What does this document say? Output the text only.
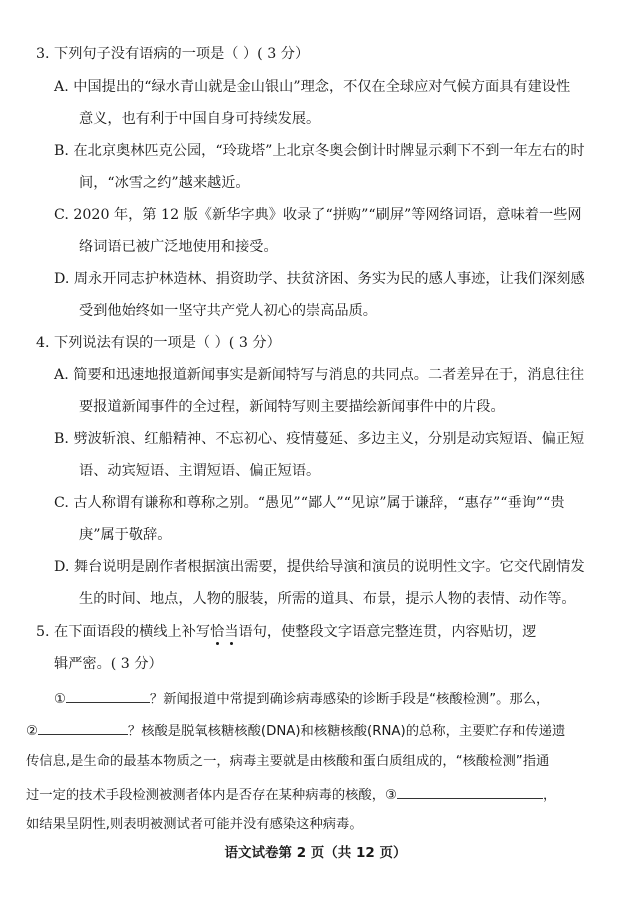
3. 下列句子没有语病的一项是（ ）( 3 分）
A. 中国提出的“绿水青山就是金山银山”理念，不仅在全球应对气候方面具有建设性
意义，也有利于中国自身可持续发展。
B. 在北京奥林匹克公园，“玲珑塔”上北京冬奥会倒计时牌显示剩下不到一年左右的时
间，“冰雪之约”越来越近。
C. 2020 年，第 12 版《新华字典》收录了“拼购”“刷屏”等网络词语，意味着一些网
络词语已被广泛地使用和接受。
D. 周永开同志护林造林、捐资助学、扶贫济困、务实为民的感人事迹，让我们深刻感
受到他始终如一坚守共产党人初心的崇高品质。
4. 下列说法有误的一项是（ ）( 3 分）
A. 简要和迅速地报道新闻事实是新闻特写与消息的共同点。二者差异在于，消息往往
要报道新闻事件的全过程，新闻特写则主要描绘新闻事件中的片段。
B. 劈波斩浪、红船精神、不忘初心、疫情蔓延、多边主义，分别是动宾短语、偏正短
语、动宾短语、主谓短语、偏正短语。
C. 古人称谓有谦称和尊称之别。“愚见”“鄙人”“见谅”属于谦辞，“惠存”“垂询”“贵
庚”属于敬辞。
D. 舞台说明是剧作者根据演出需要，提供给导演和演员的说明性文字。它交代剧情发
生的时间、地点，人物的服装，所需的道具、布景，提示人物的表情、动作等。
5. 在下面语段的横线上补写恰当语句，使整段文字语意完整连贯，内容贴切，逻
辑严密。( 3 分）
①	？新闻报道中常提到确诊病毒感染的诊断手段是“核酸检测”。那么，
②	？核酸是脱氧核糖核酸(DNA)和核糖核酸(RNA)的总称，主要贮存和传递遗
传信息,是生命的最基本物质之一，病毒主要就是由核酸和蛋白质组成的，“核酸检测”指通
过一定的技术手段检测被测者体内是否存在某种病毒的核酸，③	，
如结果呈阴性,则表明被测试者可能并没有感染这种病毒。
语文试卷第 2 页（共 12 页）
